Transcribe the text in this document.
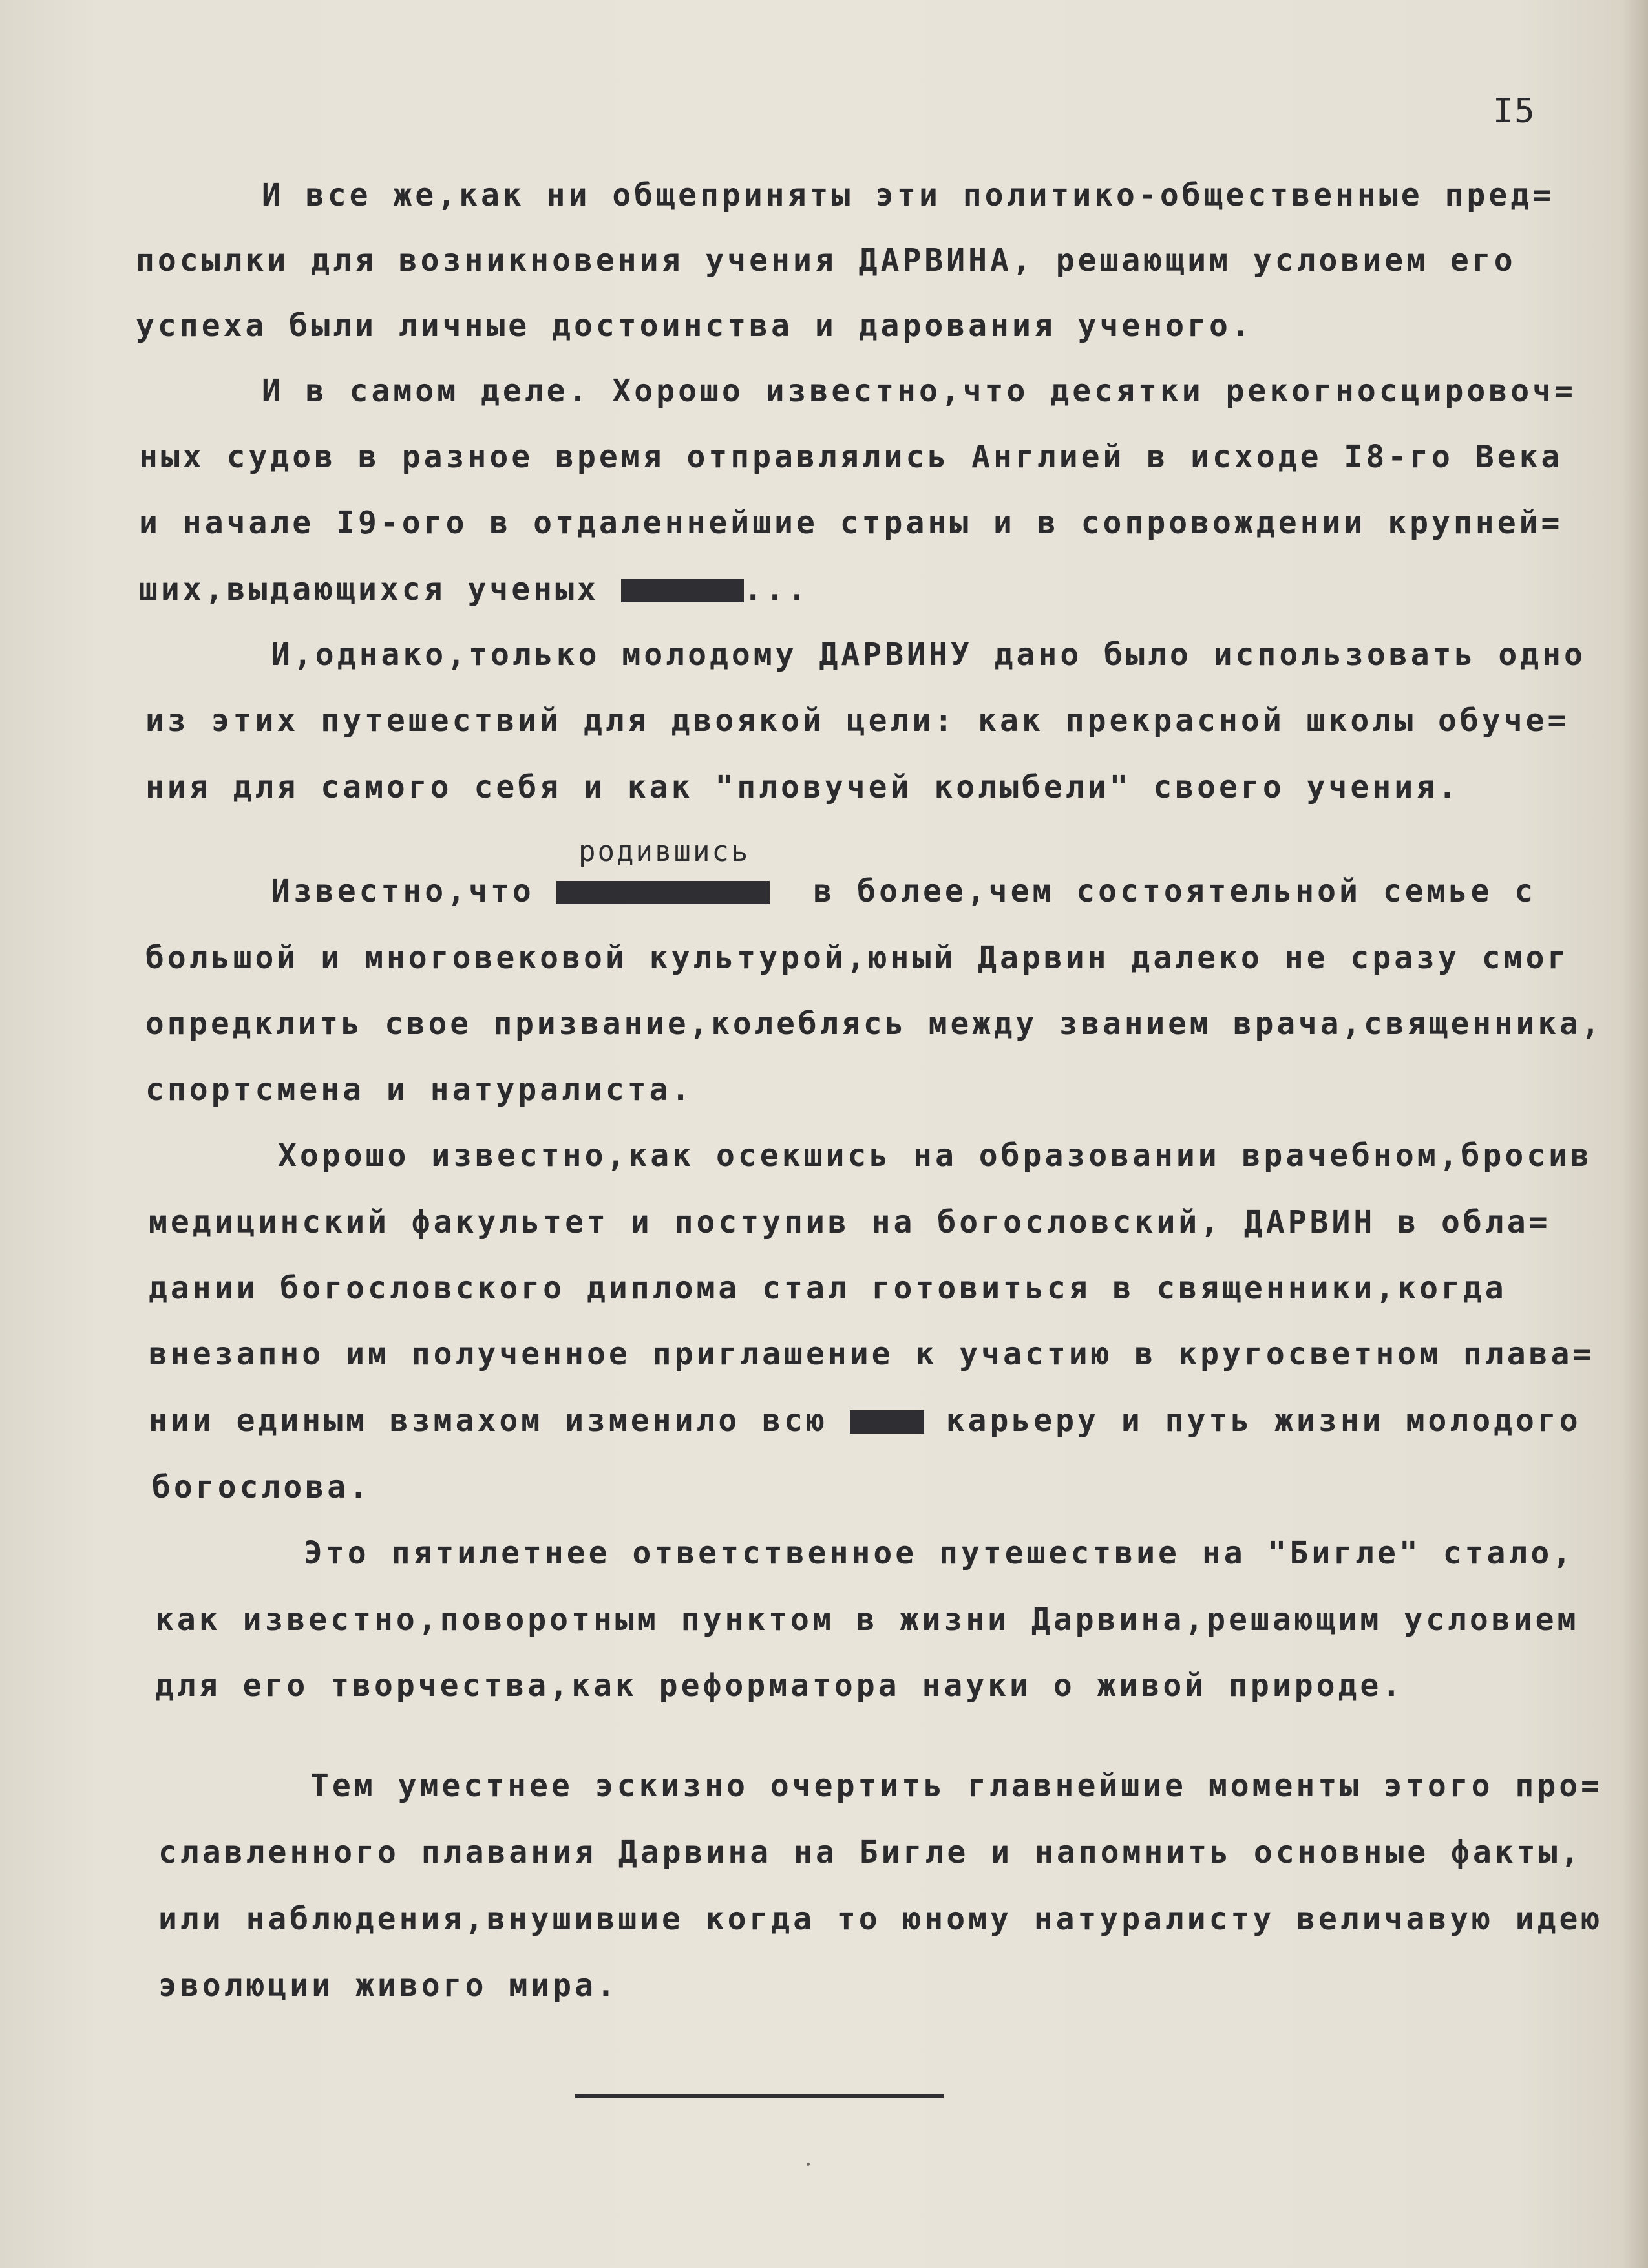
I5
И все же,как ни общеприняты эти политико-общественные пред=
посылки для возникновения учения ДАРВИНА, решающим условием его
успеха были личные достоинства и дарования ученого.
И в самом деле. Хорошо известно,что десятки рекогносцировоч=
ных судов в разное время отправлялись Англией в исходе I8-го Века
и начале I9-ого в отдаленнейшие страны и в сопровождении крупней=
ших,выдающихся ученых	...
И,однако,только молодому ДАРВИНУ дано было использовать одно
из этих путешествий для двоякой цели: как прекрасной школы обуче=
ния для самого себя и как "пловучей колыбели" своего учения.
родившись
Известно,что	в более,чем состоятельной семье с
большой и многовековой культурой,юный Дарвин далеко не сразу смог
опредклить свое призвание,колеблясь между званием врача,священника,
спортсмена и натуралиста.
Хорошо известно,как осекшись на образовании врачебном,бросив
медицинский факультет и поступив на богословский, ДАРВИН в обла=
дании богословского диплома стал готовиться в священники,когда
внезапно им полученное приглашение к участию в кругосветном плава=
нии единым взмахом изменило всю  карьеру и путь жизни молодого
богослова.
Это пятилетнее ответственное путешествие на "Бигле" стало,
как известно,поворотным пунктом в жизни Дарвина,решающим условием
для его творчества,как реформатора науки о живой природе.
Тем уместнее эскизно очертить главнейшие моменты этого про=
славленного плавания Дарвина на Бигле и напомнить основные факты,
или наблюдения,внушившие когда то юному натуралисту величавую идею
эволюции живого мира.
